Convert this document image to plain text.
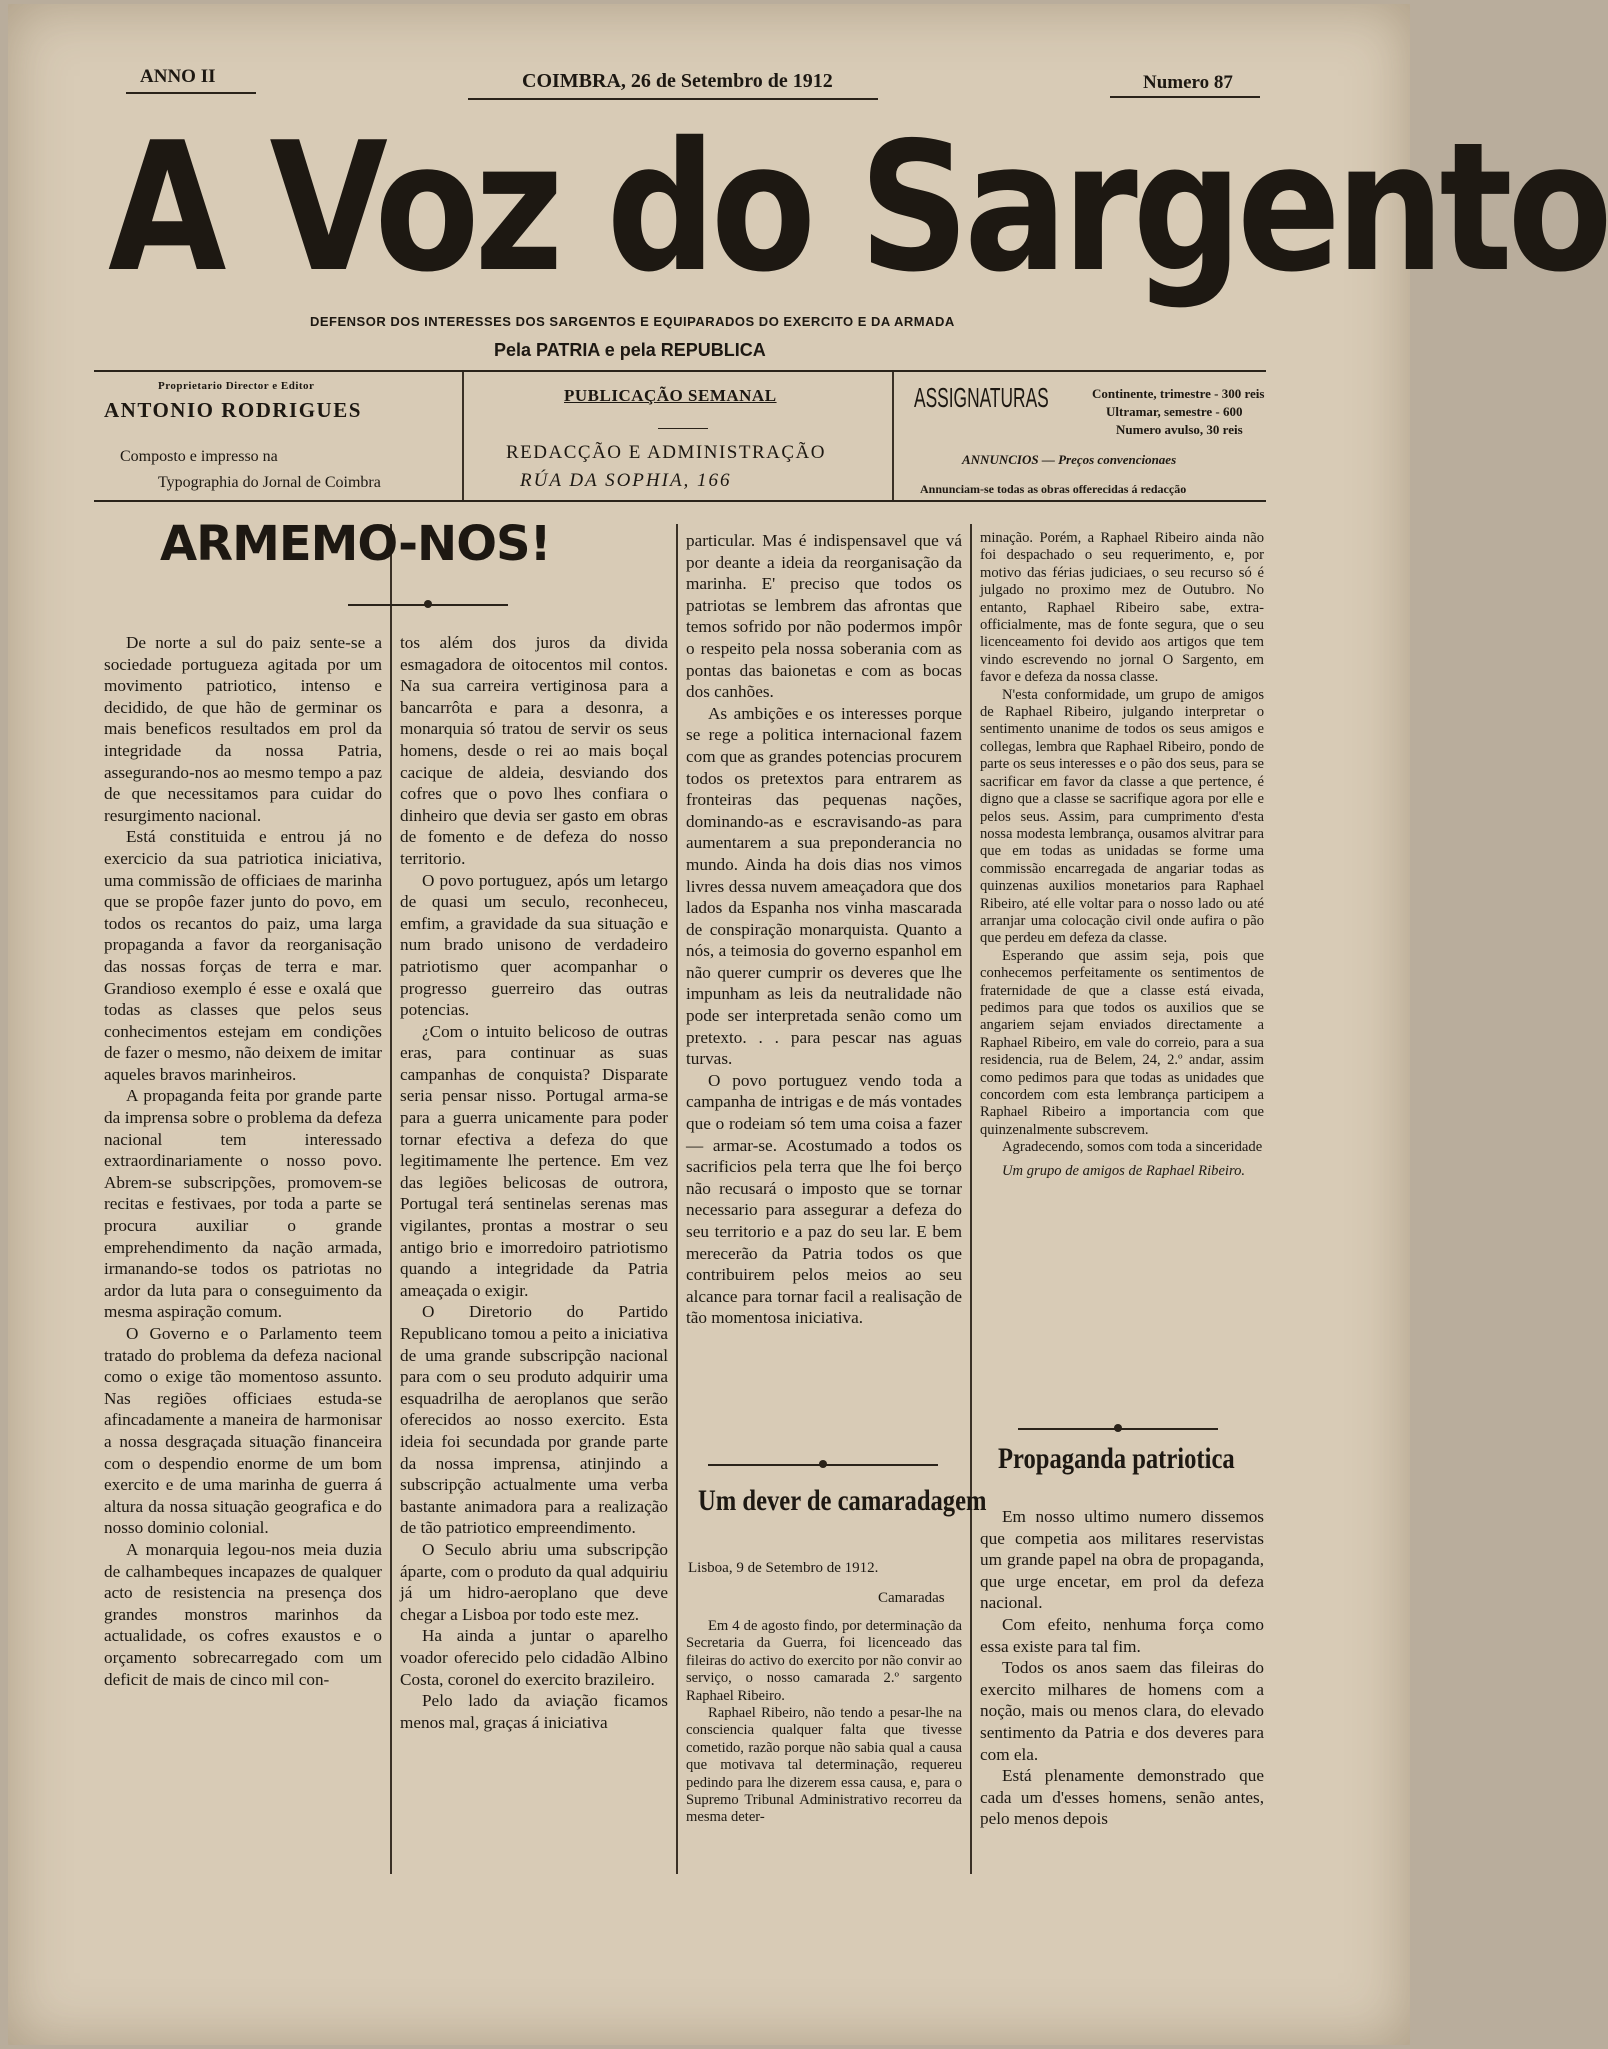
ANNO II	COIMBRA, 26 de Setembro de 1912	Numero 87
A Voz do Sargento
DEFENSOR DOS INTERESSES DOS SARGENTOS E EQUIPARADOS DO EXERCITO E DA ARMADA
Pela PATRIA e pela REPUBLICA
Proprietario Director e Editor
ANTONIO RODRIGUES
Composto e impresso na
Typographia do Jornal de Coimbra
PUBLICAÇÃO SEMANAL
REDACÇÃO E ADMINISTRAÇÃO
RÚA DA SOPHIA, 166
ASSIGNATURAS	Continente, trimestre - 300 reis
Ultramar, semestre - 600
Numero avulso, 30 reis
ANNUNCIOS — Preços convencionaes
Annunciam-se todas as obras offerecidas á redacção
ARMEMO-NOS!

De norte a sul do paiz sente-se a sociedade portugueza agitada por um movimento patriotico, intenso e decidido, de que hão de germinar os mais beneficos resultados em prol da integridade da nossa Patria, assegurando-nos ao mesmo tempo a paz de que necessitamos para cuidar do resurgimento nacional.

Está constituida e entrou já no exercicio da sua patriotica iniciativa, uma commissão de officiaes de marinha que se propôe fazer junto do povo, em todos os recantos do paiz, uma larga propaganda a favor da reorganisação das nossas forças de terra e mar. Grandioso exemplo é esse e oxalá que todas as classes que pelos seus conhecimentos estejam em condições de fazer o mesmo, não deixem de imitar aqueles bravos marinheiros.

A propaganda feita por grande parte da imprensa sobre o problema da defeza nacional tem interessado extraordinariamente o nosso povo. Abrem-se subscripções, promovem-se recitas e festivaes, por toda a parte se procura auxiliar o grande emprehendimento da nação armada, irmanando-se todos os patriotas no ardor da luta para o conseguimento da mesma aspiração comum.

O Governo e o Parlamento teem tratado do problema da defeza nacional como o exige tão momentoso assunto. Nas regiões officiaes estuda-se afincadamente a maneira de harmonisar a nossa desgraçada situação financeira com o despendio enorme de um bom exercito e de uma marinha de guerra á altura da nossa situação geografica e do nosso dominio colonial.

A monarquia legou-nos meia duzia de calhambeques incapazes de qualquer acto de resistencia na presença dos grandes monstros marinhos da actualidade, os cofres exaustos e o orçamento sobrecarregado com um deficit de mais de cinco mil con-

tos além dos juros da divida esmagadora de oitocentos mil contos. Na sua carreira vertiginosa para a bancarrôta e para a desonra, a monarquia só tratou de servir os seus homens, desde o rei ao mais boçal cacique de aldeia, desviando dos cofres que o povo lhes confiara o dinheiro que devia ser gasto em obras de fomento e de defeza do nosso territorio.

O povo portuguez, após um letargo de quasi um seculo, reconheceu, emfim, a gravidade da sua situação e num brado unisono de verdadeiro patriotismo quer acompanhar o progresso guerreiro das outras potencias.

¿Com o intuito belicoso de outras eras, para continuar as suas campanhas de conquista? Disparate seria pensar nisso. Portugal arma-se para a guerra unicamente para poder tornar efectiva a defeza do que legitimamente lhe pertence. Em vez das legiões belicosas de outrora, Portugal terá sentinelas serenas mas vigilantes, prontas a mostrar o seu antigo brio e imorredoiro patriotismo quando a integridade da Patria ameaçada o exigir.

O Diretorio do Partido Republicano tomou a peito a iniciativa de uma grande subscripção nacional para com o seu produto adquirir uma esquadrilha de aeroplanos que serão oferecidos ao nosso exercito. Esta ideia foi secundada por grande parte da nossa imprensa, atinjindo a subscripção actualmente uma verba bastante animadora para a realização de tão patriotico empreendimento.

O Seculo abriu uma subscripção áparte, com o produto da qual adquiriu já um hidro-aeroplano que deve chegar a Lisboa por todo este mez.

Ha ainda a juntar o aparelho voador oferecido pelo cidadão Albino Costa, coronel do exercito brazileiro.

Pelo lado da aviação ficamos menos mal, graças á iniciativa

particular. Mas é indispensavel que vá por deante a ideia da reorganisação da marinha. E' preciso que todos os patriotas se lembrem das afrontas que temos sofrido por não podermos impôr o respeito pela nossa soberania com as pontas das baionetas e com as bocas dos canhões.

As ambições e os interesses porque se rege a politica internacional fazem com que as grandes potencias procurem todos os pretextos para entrarem as fronteiras das pequenas nações, dominando-as e escravisando-as para aumentarem a sua preponderancia no mundo. Ainda ha dois dias nos vimos livres dessa nuvem ameaçadora que dos lados da Espanha nos vinha mascarada de conspiração monarquista. Quanto a nós, a teimosia do governo espanhol em não querer cumprir os deveres que lhe impunham as leis da neutralidade não pode ser interpretada senão como um pretexto. . . para pescar nas aguas turvas.

O povo portuguez vendo toda a campanha de intrigas e de más vontades que o rodeiam só tem uma coisa a fazer — armar-se. Acostumado a todos os sacrificios pela terra que lhe foi berço não recusará o imposto que se tornar necessario para assegurar a defeza do seu territorio e a paz do seu lar. E bem merecerão da Patria todos os que contribuirem pelos meios ao seu alcance para tornar facil a realisação de tão momentosa iniciativa.

Um dever de camaradagem
Lisboa, 9 de Setembro de 1912.
Camaradas

Em 4 de agosto findo, por determinação da Secretaria da Guerra, foi licenceado das fileiras do activo do exercito por não convir ao serviço, o nosso camarada 2.º sargento Raphael Ribeiro.

Raphael Ribeiro, não tendo a pesar-lhe na consciencia qualquer falta que tivesse cometido, razão porque não sabia qual a causa que motivava tal determinação, requereu pedindo para lhe dizerem essa causa, e, para o Supremo Tribunal Administrativo recorreu da mesma deter-

minação. Porém, a Raphael Ribeiro ainda não foi despachado o seu requerimento, e, por motivo das férias judiciaes, o seu recurso só é julgado no proximo mez de Outubro. No entanto, Raphael Ribeiro sabe, extra-officialmente, mas de fonte segura, que o seu licenceamento foi devido aos artigos que tem vindo escrevendo no jornal O Sargento, em favor e defeza da nossa classe.

N'esta conformidade, um grupo de amigos de Raphael Ribeiro, julgando interpretar o sentimento unanime de todos os seus amigos e collegas, lembra que Raphael Ribeiro, pondo de parte os seus interesses e o pão dos seus, para se sacrificar em favor da classe a que pertence, é digno que a classe se sacrifique agora por elle e pelos seus. Assim, para cumprimento d'esta nossa modesta lembrança, ousamos alvitrar para que em todas as unidadas se forme uma commissão encarregada de angariar todas as quinzenas auxilios monetarios para Raphael Ribeiro, até elle voltar para o nosso lado ou até arranjar uma colocação civil onde aufira o pão que perdeu em defeza da classe.

Esperando que assim seja, pois que conhecemos perfeitamente os sentimentos de fraternidade de que a classe está eivada, pedimos para que todos os auxilios que se angariem sejam enviados directamente a Raphael Ribeiro, em vale do correio, para a sua residencia, rua de Belem, 24, 2.º andar, assim como pedimos para que todas as unidades que concordem com esta lembrança participem a Raphael Ribeiro a importancia com que quinzenalmente subscrevem.

Agradecendo, somos com toda a sinceridade

Um grupo de amigos de Raphael Ribeiro.

Propaganda patriotica

Em nosso ultimo numero dissemos que competia aos militares reservistas um grande papel na obra de propaganda, que urge encetar, em prol da defeza nacional.

Com efeito, nenhuma força como essa existe para tal fim.

Todos os anos saem das fileiras do exercito milhares de homens com a noção, mais ou menos clara, do elevado sentimento da Patria e dos deveres para com ela.

Está plenamente demonstrado que cada um d'esses homens, senão antes, pelo menos depois
